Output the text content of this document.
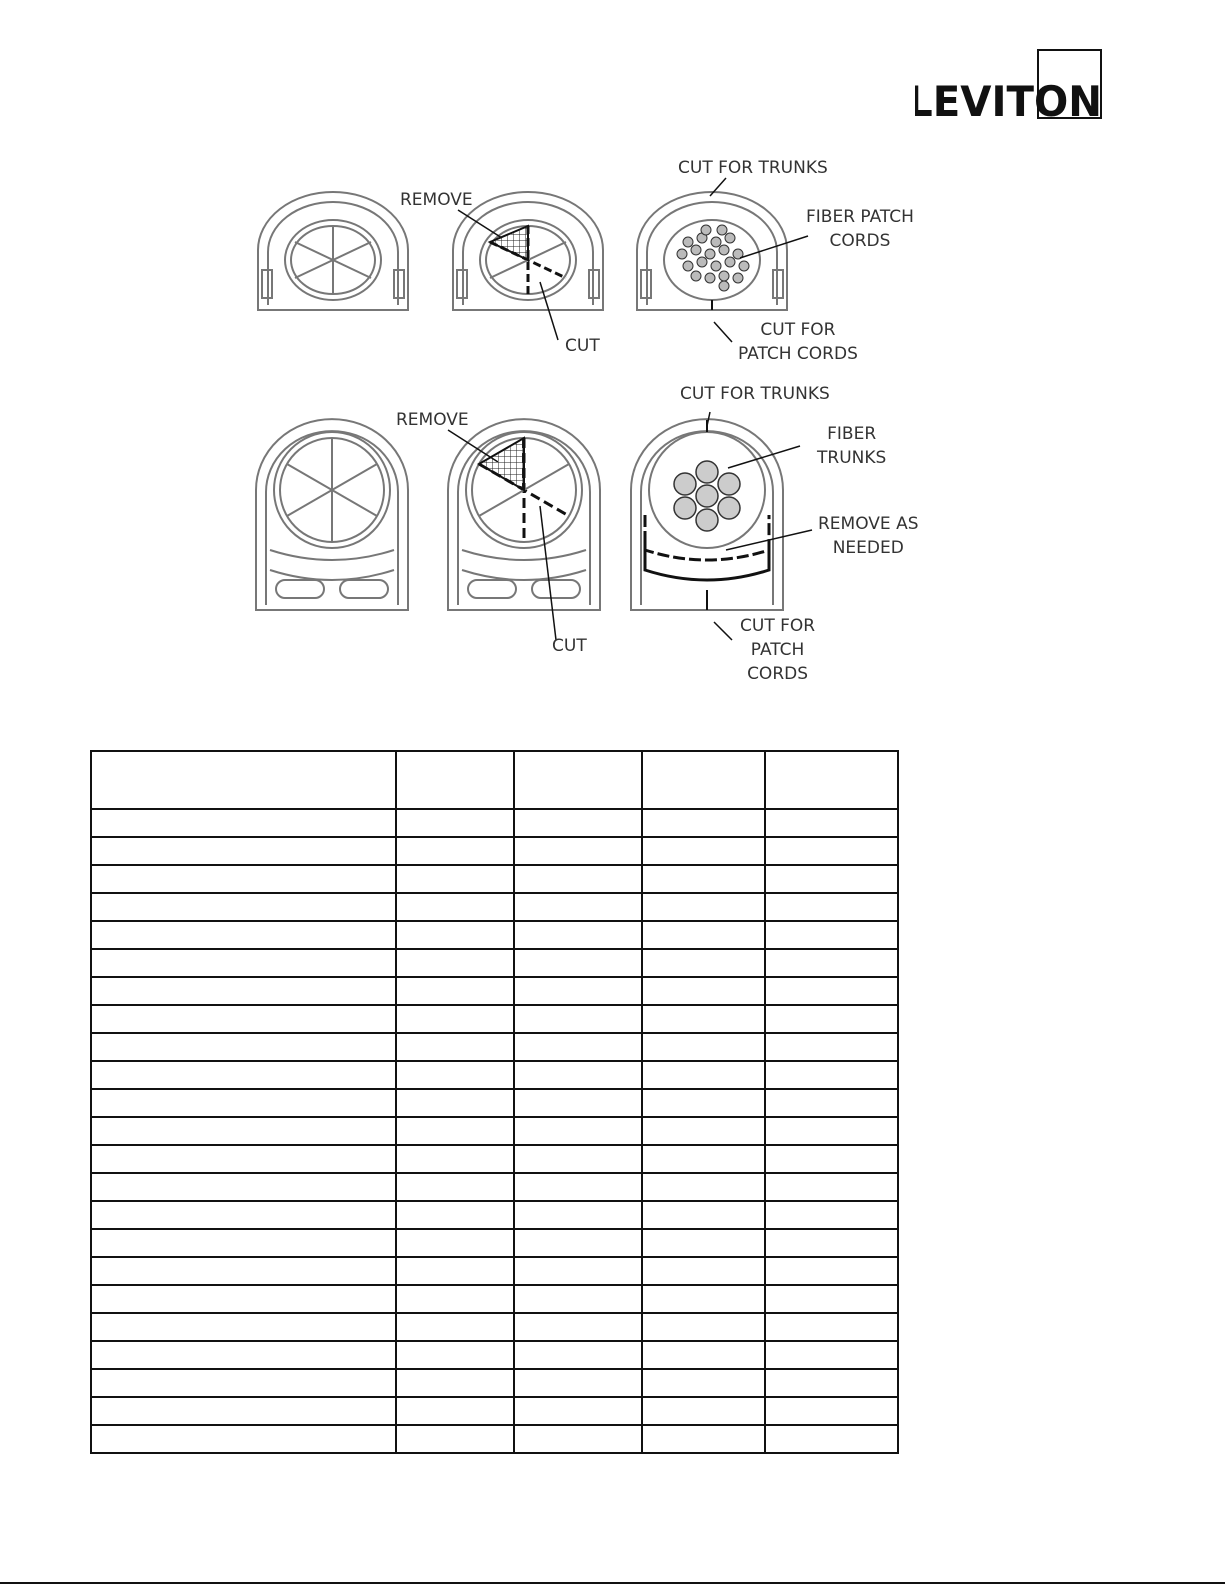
LEVITON
REMOVE
CUT
CUT FOR TRUNKS
FIBER PATCH
CORDS
CUT FOR
PATCH CORDS
REMOVE
CUT
CUT FOR TRUNKS
FIBER
TRUNKS
REMOVE AS
NEEDED
CUT FOR
PATCH
CORDS
